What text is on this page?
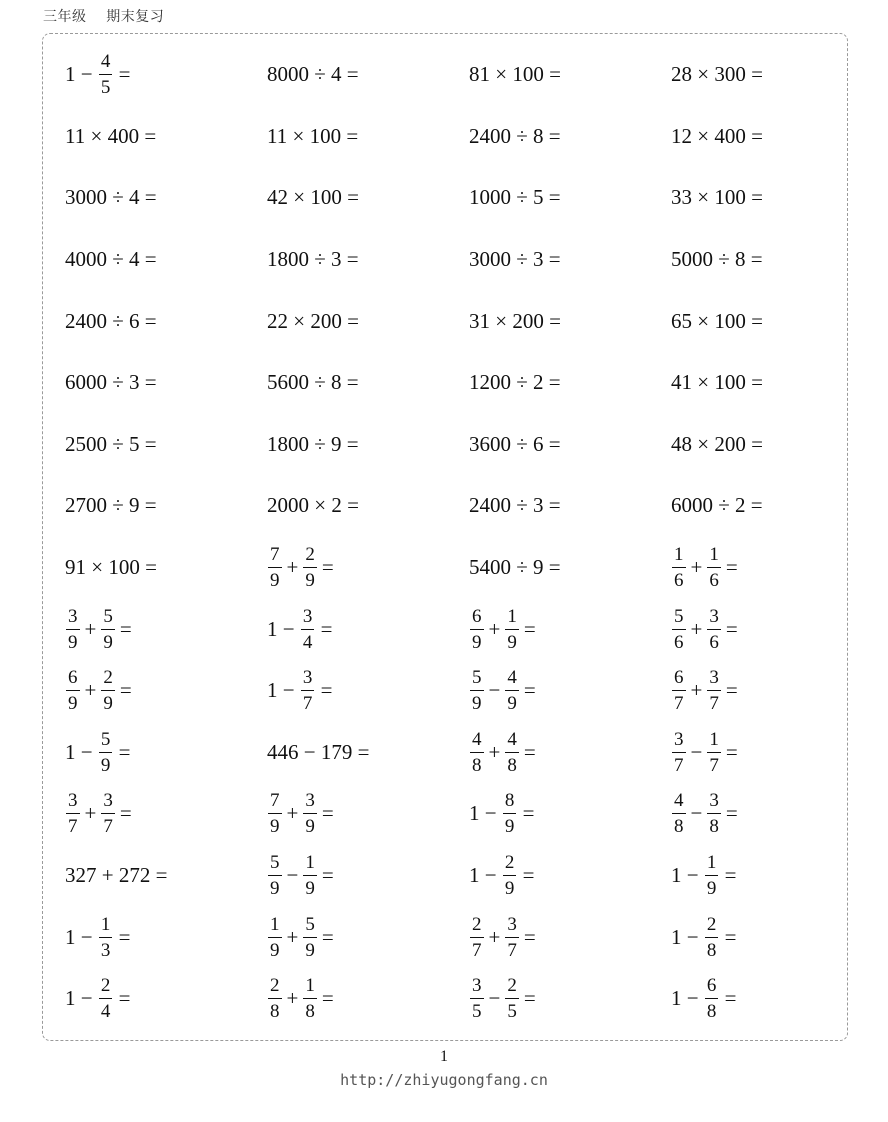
三年级    期末复习
$1 - \frac{4}{5}$ =	8000 ÷ 4 =	81 × 100 =	28 × 300 =
11 × 400 =	11 × 100 =	2400 ÷ 8 =	12 × 400 =
3000 ÷ 4 =	42 × 100 =	1000 ÷ 5 =	33 × 100 =
4000 ÷ 4 =	1800 ÷ 3 =	3000 ÷ 3 =	5000 ÷ 8 =
2400 ÷ 6 =	22 × 200 =	31 × 200 =	65 × 100 =
6000 ÷ 3 =	5600 ÷ 8 =	1200 ÷ 2 =	41 × 100 =
2500 ÷ 5 =	1800 ÷ 9 =	3600 ÷ 6 =	48 × 200 =
2700 ÷ 9 =	2000 × 2 =	2400 ÷ 3 =	6000 ÷ 2 =
91 × 100 =	$\frac{7}{9} + \frac{2}{9}$ =	5400 ÷ 9 =	$\frac{1}{6} + \frac{1}{6}$ =
$\frac{3}{9} + \frac{5}{9}$ =	$1 - \frac{3}{4}$ =	$\frac{6}{9} + \frac{1}{9}$ =	$\frac{5}{6} + \frac{3}{6}$ =
$\frac{6}{9} + \frac{2}{9}$ =	$1 - \frac{3}{7}$ =	$\frac{5}{9} - \frac{4}{9}$ =	$\frac{6}{7} + \frac{3}{7}$ =
$1 - \frac{5}{9}$ =	446 − 179 =	$\frac{4}{8} + \frac{4}{8}$ =	$\frac{3}{7} - \frac{1}{7}$ =
$\frac{3}{7} + \frac{3}{7}$ =	$\frac{7}{9} + \frac{3}{9}$ =	$1 - \frac{8}{9}$ =	$\frac{4}{8} - \frac{3}{8}$ =
327 + 272 =	$\frac{5}{9} - \frac{1}{9}$ =	$1 - \frac{2}{9}$ =	$1 - \frac{1}{9}$ =
$1 - \frac{1}{3}$ =	$\frac{1}{9} + \frac{5}{9}$ =	$\frac{2}{7} + \frac{3}{7}$ =	$1 - \frac{2}{8}$ =
$1 - \frac{2}{4}$ =	$\frac{2}{8} + \frac{1}{8}$ =	$\frac{3}{5} - \frac{2}{5}$ =	$1 - \frac{6}{8}$ =
1
http://zhiyugongfang.cn
